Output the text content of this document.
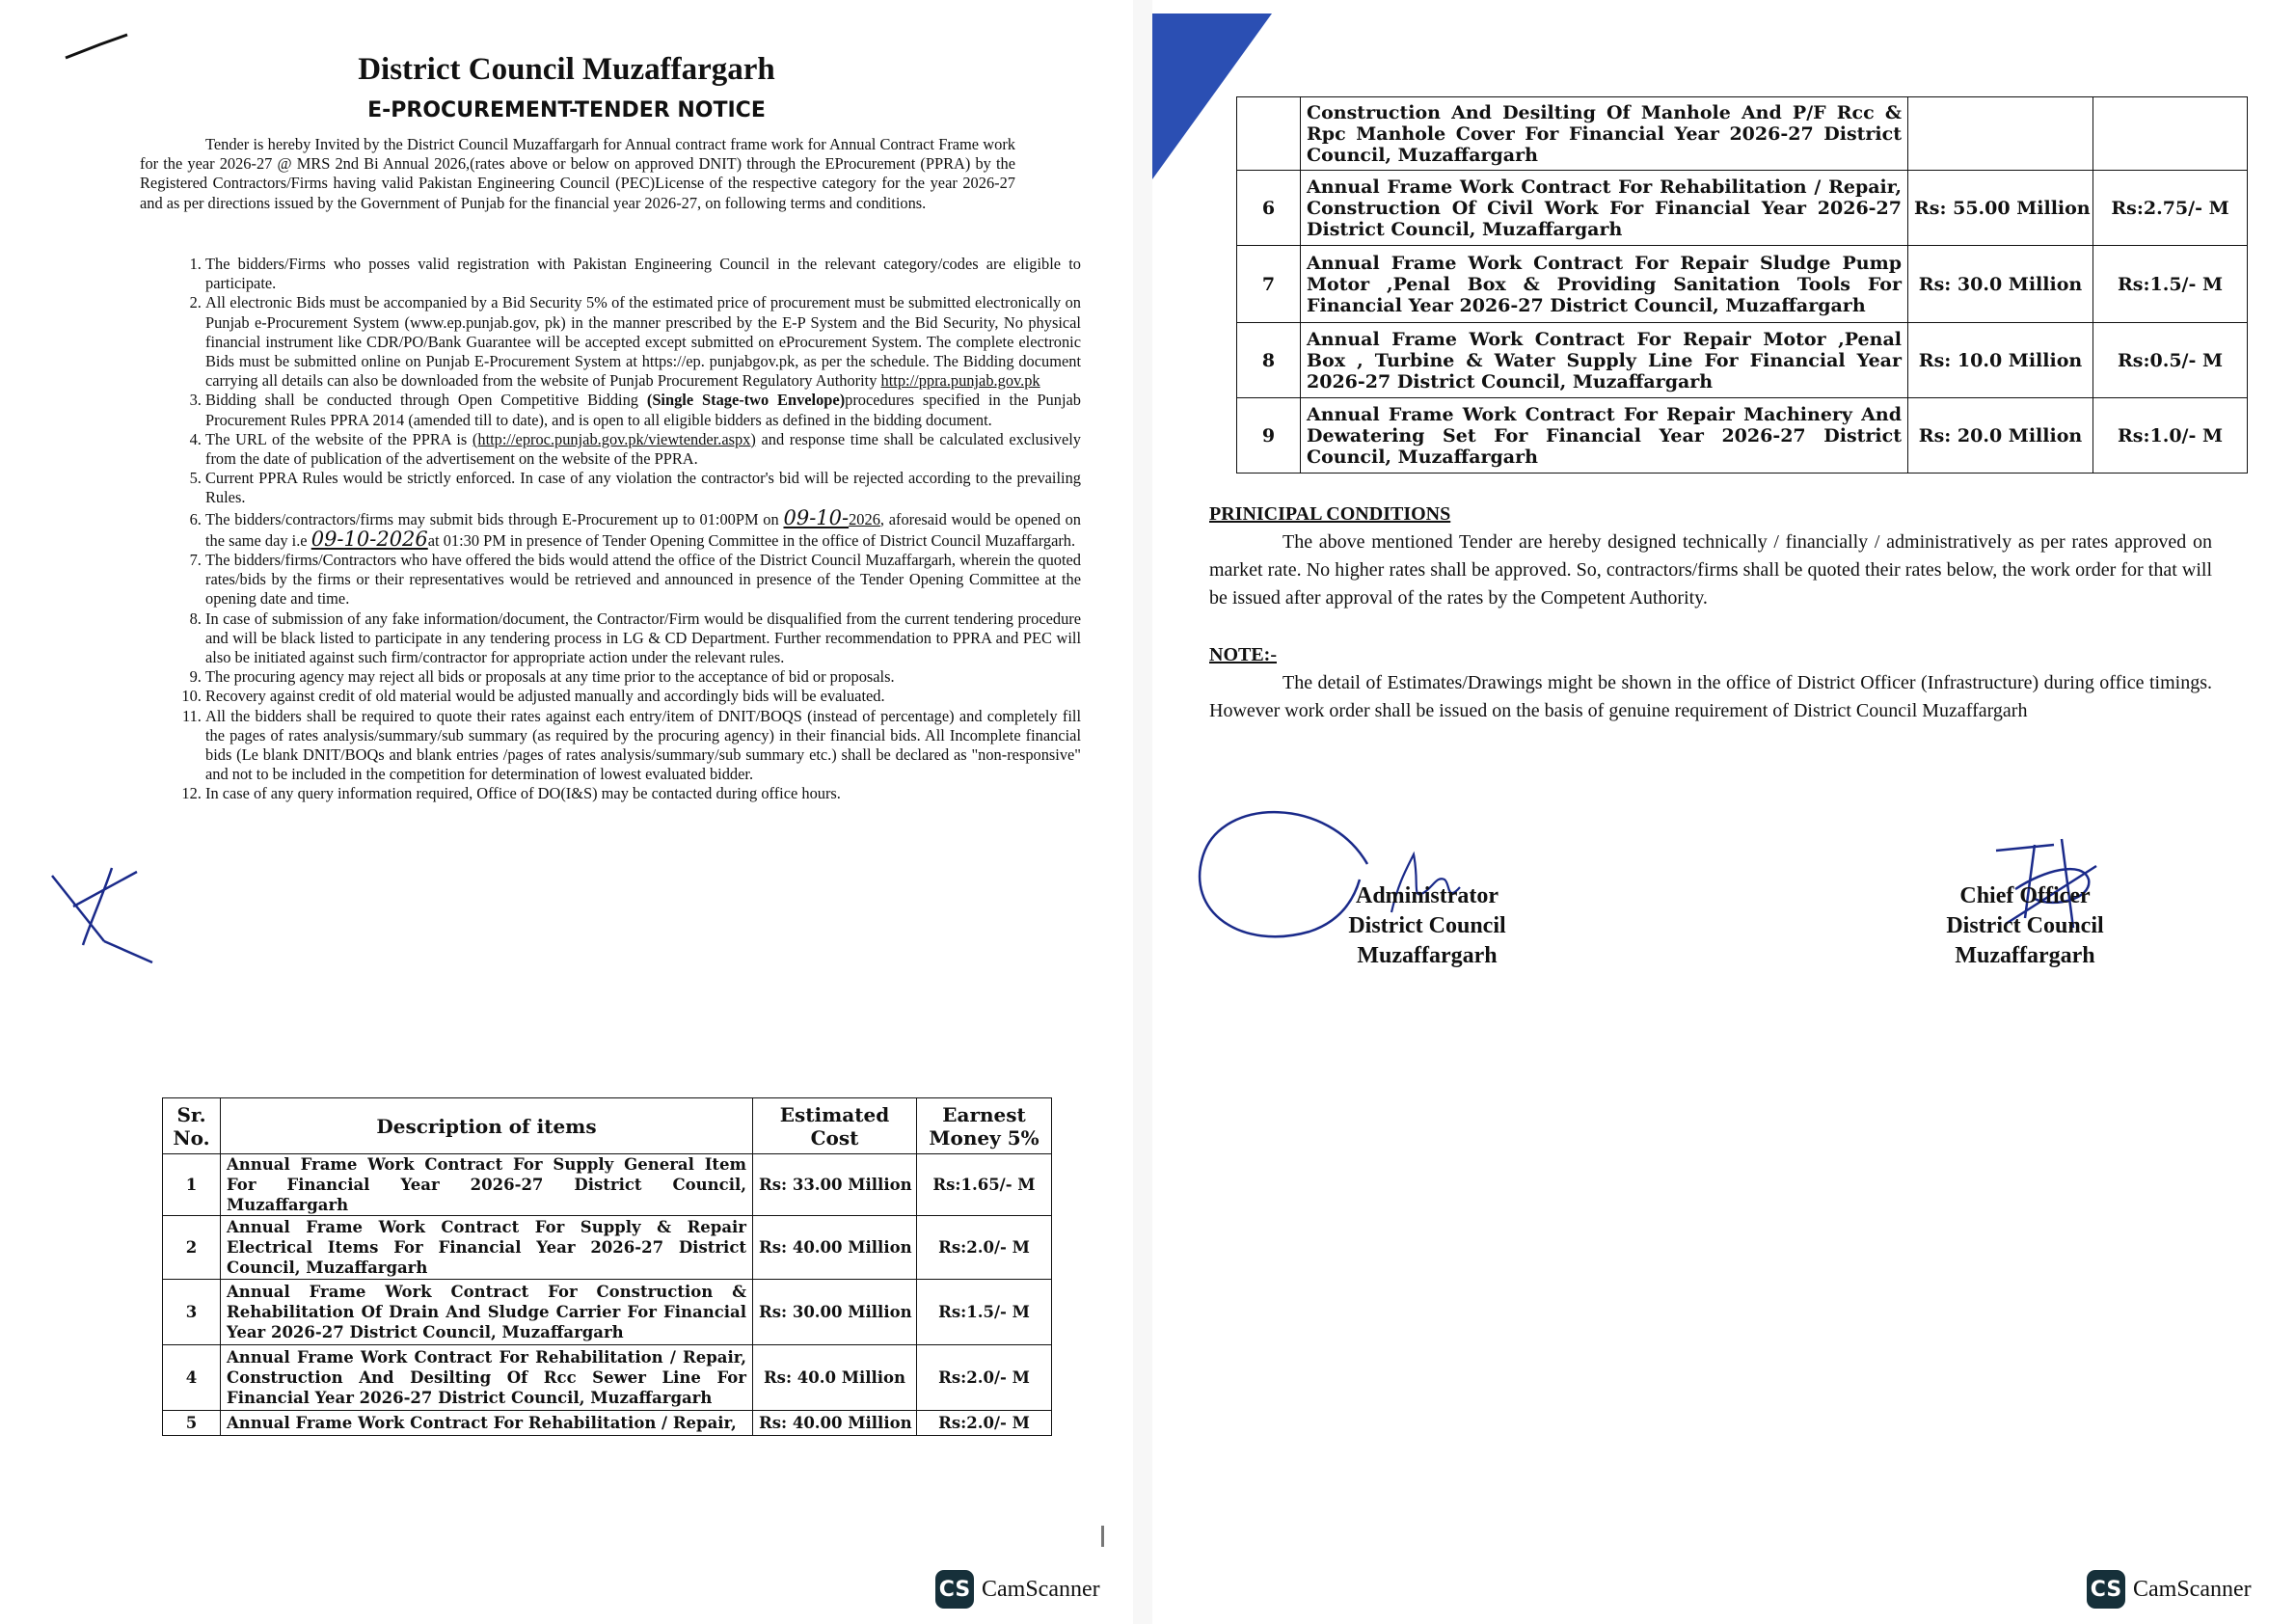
District Council Muzaffargarh
E-PROCUREMENT-TENDER NOTICE

Tender is hereby Invited by the District Council Muzaffargarh for Annual contract frame work for Annual Contract Frame work for the year 2026-27 @ MRS 2nd Bi Annual 2026,(rates above or below on approved DNIT) through the EProcurement (PPRA) by the Registered Contractors/Firms having valid Pakistan Engineering Council (PEC)License of the respective category for the year 2026-27 and as per directions issued by the Government of Punjab for the financial year 2026-27, on following terms and conditions.

1. The bidders/Firms who posses valid registration with Pakistan Engineering Council in the relevant category/codes are eligible to participate.
2. All electronic Bids must be accompanied by a Bid Security 5% of the estimated price of procurement must be submitted electronically on Punjab e-Procurement System (www.ep.punjab.gov, pk) in the manner prescribed by the E-P System and the Bid Security, No physical financial instrument like CDR/PO/Bank Guarantee will be accepted except submitted on eProcurement System. The complete electronic Bids must be submitted online on Punjab E-Procurement System at https://ep. punjabgov.pk, as per the schedule. The Bidding document carrying all details can also be downloaded from the website of Punjab Procurement Regulatory Authority http://ppra.punjab.gov.pk
3. Bidding shall be conducted through Open Competitive Bidding (Single Stage-two Envelope)procedures specified in the Punjab Procurement Rules PPRA 2014 (amended till to date), and is open to all eligible bidders as defined in the bidding document.
4. The URL of the website of the PPRA is (http://eproc.punjab.gov.pk/viewtender.aspx) and response time shall be calculated exclusively from the date of publication of the advertisement on the website of the PPRA.
5. Current PPRA Rules would be strictly enforced. In case of any violation the contractor's bid will be rejected according to the prevailing Rules.
6. The bidders/contractors/firms may submit bids through E-Procurement up to 01:00PM on 09-10-2026, aforesaid would be opened on the same day i.e 09-10-2026at 01:30 PM in presence of Tender Opening Committee in the office of District Council Muzaffargarh.
7. The bidders/firms/Contractors who have offered the bids would attend the office of the District Council Muzaffargarh, wherein the quoted rates/bids by the firms or their representatives would be retrieved and announced in presence of the Tender Opening Committee at the opening date and time.
8. In case of submission of any fake information/document, the Contractor/Firm would be disqualified from the current tendering procedure and will be black listed to participate in any tendering process in LG & CD Department. Further recommendation to PPRA and PEC will also be initiated against such firm/contractor for appropriate action under the relevant rules.
9. The procuring agency may reject all bids or proposals at any time prior to the acceptance of bid or proposals.
10. Recovery against credit of old material would be adjusted manually and accordingly bids will be evaluated.
11. All the bidders shall be required to quote their rates against each entry/item of DNIT/BOQS (instead of percentage) and completely fill the pages of rates analysis/summary/sub summary (as required by the procuring agency) in their financial bids. All Incomplete financial bids (Le blank DNIT/BOQs and blank entries /pages of rates analysis/summary/sub summary etc.) shall be declared as "non-responsive" and not to be included in the competition for determination of lowest evaluated bidder.
12. In case of any query information required, Office of DO(I&S) may be contacted during office hours.
Sr. No.	Description of items	Estimated Cost	Earnest Money 5%
1	Annual Frame Work Contract For Supply General Item For Financial Year 2026-27 District Council, Muzaffargarh	Rs: 33.00 Million	Rs:1.65/- M
2	Annual Frame Work Contract For Supply & Repair Electrical Items For Financial Year 2026-27 District Council, Muzaffargarh	Rs: 40.00 Million	Rs:2.0/- M
3	Annual Frame Work Contract For Construction & Rehabilitation Of Drain And Sludge Carrier For Financial Year 2026-27 District Council, Muzaffargarh	Rs: 30.00 Million	Rs:1.5/- M
4	Annual Frame Work Contract For Rehabilitation / Repair, Construction And Desilting Of Rcc Sewer Line For Financial Year 2026-27 District Council, Muzaffargarh	Rs: 40.0 Million	Rs:2.0/- M
5	Annual Frame Work Contract For Rehabilitation / Repair,	Rs: 40.00 Million	Rs:2.0/- M
CS CamScanner
	Construction And Desilting Of Manhole And P/F Rcc & Rpc Manhole Cover For Financial Year 2026-27 District Council, Muzaffargarh		
6	Annual Frame Work Contract For Rehabilitation / Repair, Construction Of Civil Work For Financial Year 2026-27 District Council, Muzaffargarh	Rs: 55.00 Million	Rs:2.75/- M
7	Annual Frame Work Contract For Repair Sludge Pump Motor ,Penal Box & Providing Sanitation Tools For Financial Year 2026-27 District Council, Muzaffargarh	Rs: 30.0 Million	Rs:1.5/- M
8	Annual Frame Work Contract For Repair Motor ,Penal Box , Turbine & Water Supply Line For Financial Year 2026-27 District Council, Muzaffargarh	Rs: 10.0 Million	Rs:0.5/- M
9	Annual Frame Work Contract For Repair Machinery And Dewatering Set For Financial Year 2026-27 District Council, Muzaffargarh	Rs: 20.0 Million	Rs:1.0/- M
PRINICIPAL CONDITIONS

The above mentioned Tender are hereby designed technically / financially / administratively as per rates approved on market rate. No higher rates shall be approved. So, contractors/firms shall be quoted their rates below, the work order for that will be issued after approval of the rates by the Competent Authority.

NOTE:-

The detail of Estimates/Drawings might be shown in the office of District Officer (Infrastructure) during office timings. However work order shall be issued on the basis of genuine requirement of District Council Muzaffargarh

Administrator
District Council
Muzaffargarh
Chief Officer
District Council
Muzaffargarh
CS CamScanner
